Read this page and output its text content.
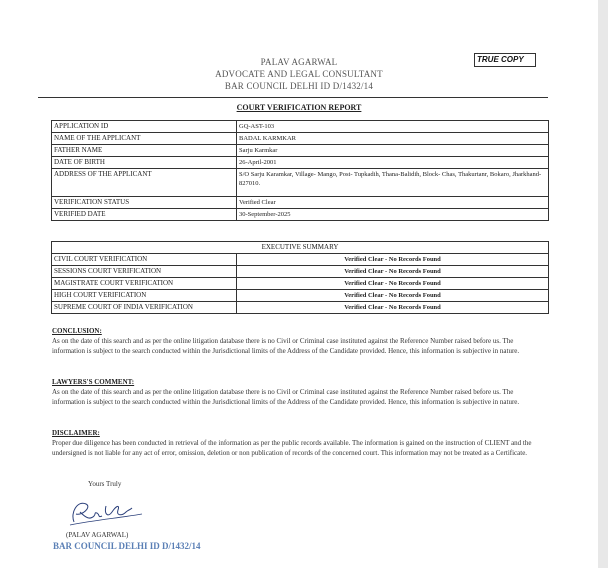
PALAV AGARWAL
ADVOCATE AND LEGAL CONSULTANT
BAR COUNCIL DELHI ID D/1432/14
TRUE COPY
COURT VERIFICATION REPORT
APPLICATION ID	GQ-AST-103
NAME OF THE APPLICANT	BADAL KARMKAR
FATHER NAME	Sarju Karmkar
DATE OF BIRTH	26-April-2001
ADDRESS OF THE APPLICANT	S/O Sarju Karamkar, Village- Mango, Post- Tupkadih, Thana-Balidih, Block- Chas, Thakurtanr, Bokaro, Jharkhand-827010.
VERIFICATION STATUS	Verified Clear
VERIFIED DATE	30-September-2025
EXECUTIVE SUMMARY	
CIVIL COURT VERIFICATION	Verified Clear - No Records Found
SESSIONS COURT VERIFICATION	Verified Clear - No Records Found
MAGISTRATE COURT VERIFICATION	Verified Clear - No Records Found
HIGH COURT VERIFICATION	Verified Clear - No Records Found
SUPREME COURT OF INDIA VERIFICATION	Verified Clear - No Records Found
CONCLUSION:
As on the date of this search and as per the online litigation database there is no Civil or Criminal case instituted against the Reference Number raised before us. The information is subject to the search conducted within the Jurisdictional limits of the Address of the Candidate provided. Hence, this information is subjective in nature.
LAWYERS'S COMMENT:
As on the date of this search and as per the online litigation database there is no Civil or Criminal case instituted against the Reference Number raised before us. The information is subject to the search conducted within the Jurisdictional limits of the Address of the Candidate provided. Hence, this information is subjective in nature.
DISCLAIMER:
Proper due diligence has been conducted in retrieval of the information as per the public records available. The information is gained on the instruction of CLIENT and the undersigned is not liable for any act of error, omission, deletion or non publication of records of the concerned court. This information may not be treated as a Certificate.
Yours Truly
(PALAV AGARWAL)
BAR COUNCIL DELHI ID D/1432/14
